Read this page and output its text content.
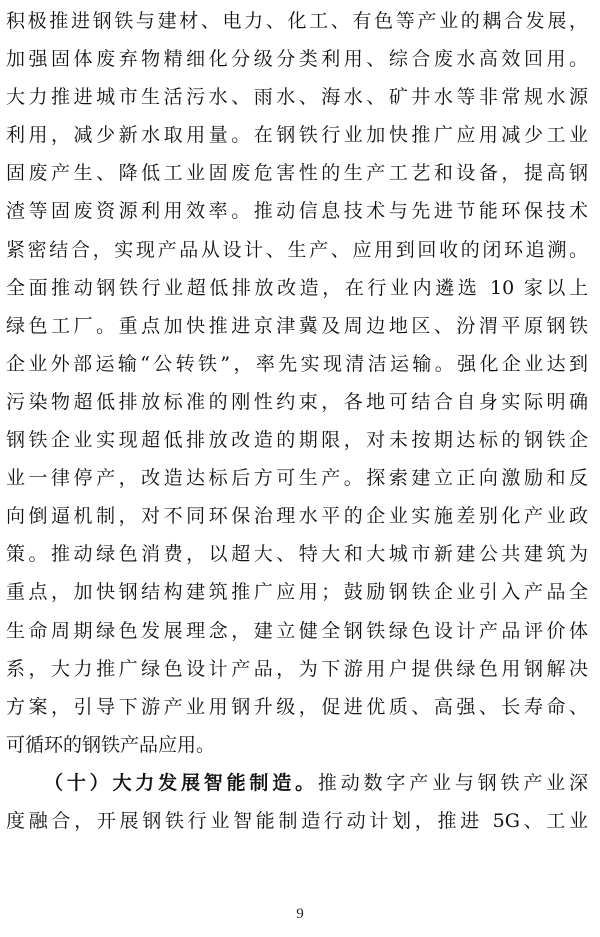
积极推进钢铁与建材、电力、化工、有色等产业的耦合发展，
加强固体废弃物精细化分级分类利用、综合废水高效回用。
大力推进城市生活污水、雨水、海水、矿井水等非常规水源
利用，减少新水取用量。在钢铁行业加快推广应用减少工业
固废产生、降低工业固废危害性的生产工艺和设备，提高钢
渣等固废资源利用效率。推动信息技术与先进节能环保技术
紧密结合，实现产品从设计、生产、应用到回收的闭环追溯。
全面推动钢铁行业超低排放改造，在行业内遴选 10 家以上
绿色工厂。重点加快推进京津冀及周边地区、汾渭平原钢铁
企业外部运输“公转铁”，率先实现清洁运输。强化企业达到
污染物超低排放标准的刚性约束，各地可结合自身实际明确
钢铁企业实现超低排放改造的期限，对未按期达标的钢铁企
业一律停产，改造达标后方可生产。探索建立正向激励和反
向倒逼机制，对不同环保治理水平的企业实施差别化产业政
策。推动绿色消费，以超大、特大和大城市新建公共建筑为
重点，加快钢结构建筑推广应用；鼓励钢铁企业引入产品全
生命周期绿色发展理念，建立健全钢铁绿色设计产品评价体
系，大力推广绿色设计产品，为下游用户提供绿色用钢解决
方案，引导下游产业用钢升级，促进优质、高强、长寿命、
可循环的钢铁产品应用。
（十）大力发展智能制造。推动数字产业与钢铁产业深
度融合，开展钢铁行业智能制造行动计划，推进 5G、工业
9
